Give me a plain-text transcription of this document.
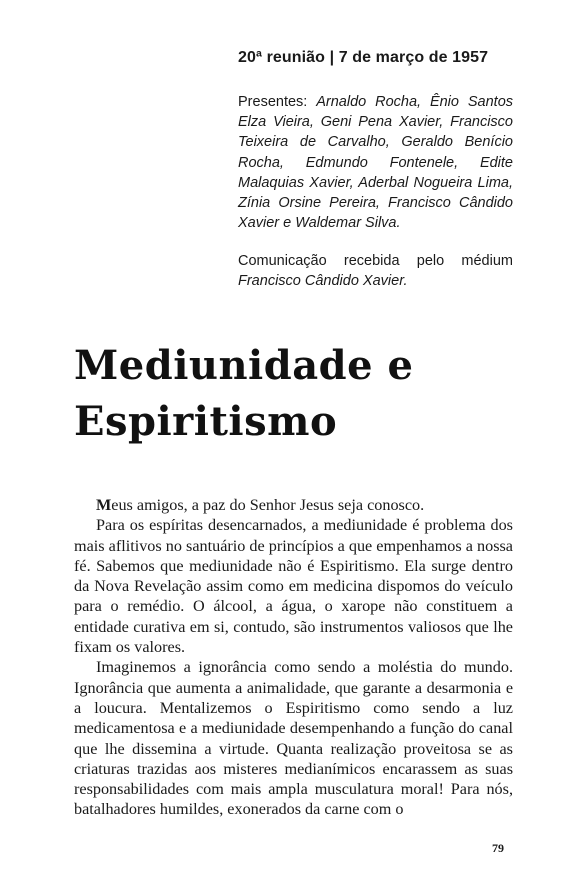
20ª reunião | 7 de março de 1957
Presentes: Arnaldo Rocha, Ênio Santos Elza Vieira, Geni Pena Xavier, Francisco Teixeira de Carvalho, Geraldo Benício Rocha, Edmundo Fontenele, Edite Malaquias Xavier, Aderbal Nogueira Lima, Zínia Orsine Pereira, Francisco Cândido Xavier e Waldemar Silva.
Comunicação recebida pelo médium Francisco Cândido Xavier.
Mediunidade e
Espiritismo

Meus amigos, a paz do Senhor Jesus seja conosco.

Para os espíritas desencarnados, a mediunidade é problema dos mais aflitivos no santuário de princípios a que empenhamos a nossa fé. Sabemos que mediunidade não é Espiritismo. Ela surge dentro da Nova Revelação assim como em medicina dispomos do veículo para o remédio. O álcool, a água, o xarope não constituem a entidade curativa em si, contudo, são instrumentos valiosos que lhe fixam os valores.

Imaginemos a ignorância como sendo a moléstia do mundo. Ignorância que aumenta a animalidade, que garante a desarmonia e a loucura. Mentalizemos o Espiritismo como sendo a luz medicamentosa e a mediunidade desempenhando a função do canal que lhe dissemina a virtude. Quanta realização proveitosa se as criaturas trazidas aos misteres medianímicos encarassem as suas responsabilidades com mais ampla musculatura moral! Para nós, batalhadores humildes, exonerados da carne com o

79
